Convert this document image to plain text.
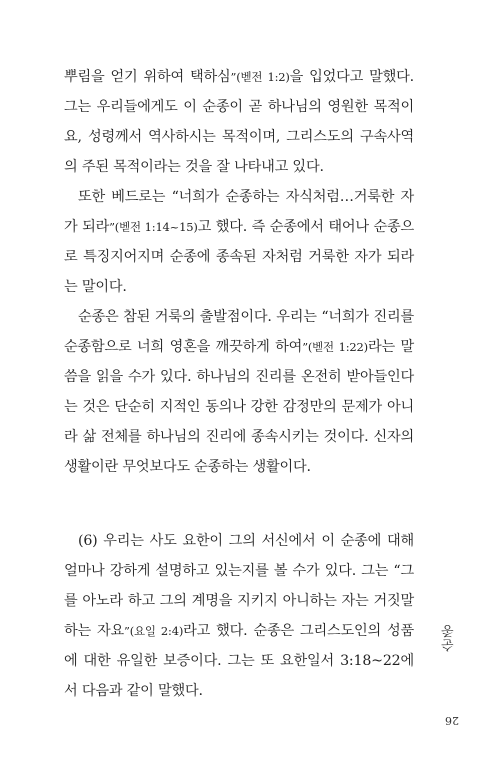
뿌림을 얻기 위하여 택하심”(벧전 1:2)을 입었다고 말했다. 그는 우리들에게도 이 순종이 곧 하나님의 영원한 목적이요, 성령께서 역사하시는 목적이며, 그리스도의 구속사역의 주된 목적이라는 것을 잘 나타내고 있다.

또한 베드로는 “너희가 순종하는 자식처럼…거룩한 자가 되라”(벧전 1:14~15)고 했다. 즉 순종에서 태어나 순종으로 특징지어지며 순종에 종속된 자처럼 거룩한 자가 되라는 말이다.

순종은 참된 거룩의 출발점이다. 우리는 “너희가 진리를 순종함으로 너희 영혼을 깨끗하게 하여”(벧전 1:22)라는 말씀을 읽을 수가 있다. 하나님의 진리를 온전히 받아들인다는 것은 단순히 지적인 동의나 강한 감정만의 문제가 아니라 삶 전체를 하나님의 진리에 종속시키는 것이다. 신자의 생활이란 무엇보다도 순종하는 생활이다.

(6) 우리는 사도 요한이 그의 서신에서 이 순종에 대해 얼마나 강하게 설명하고 있는지를 볼 수가 있다. 그는 “그를 아노라 하고 그의 계명을 지키지 아니하는 자는 거짓말하는 자요”(요일 2:4)라고 했다. 순종은 그리스도인의 성품에 대한 유일한 보증이다. 그는 또 요한일서 3:18~22에서 다음과 같이 말했다.

순종
26
